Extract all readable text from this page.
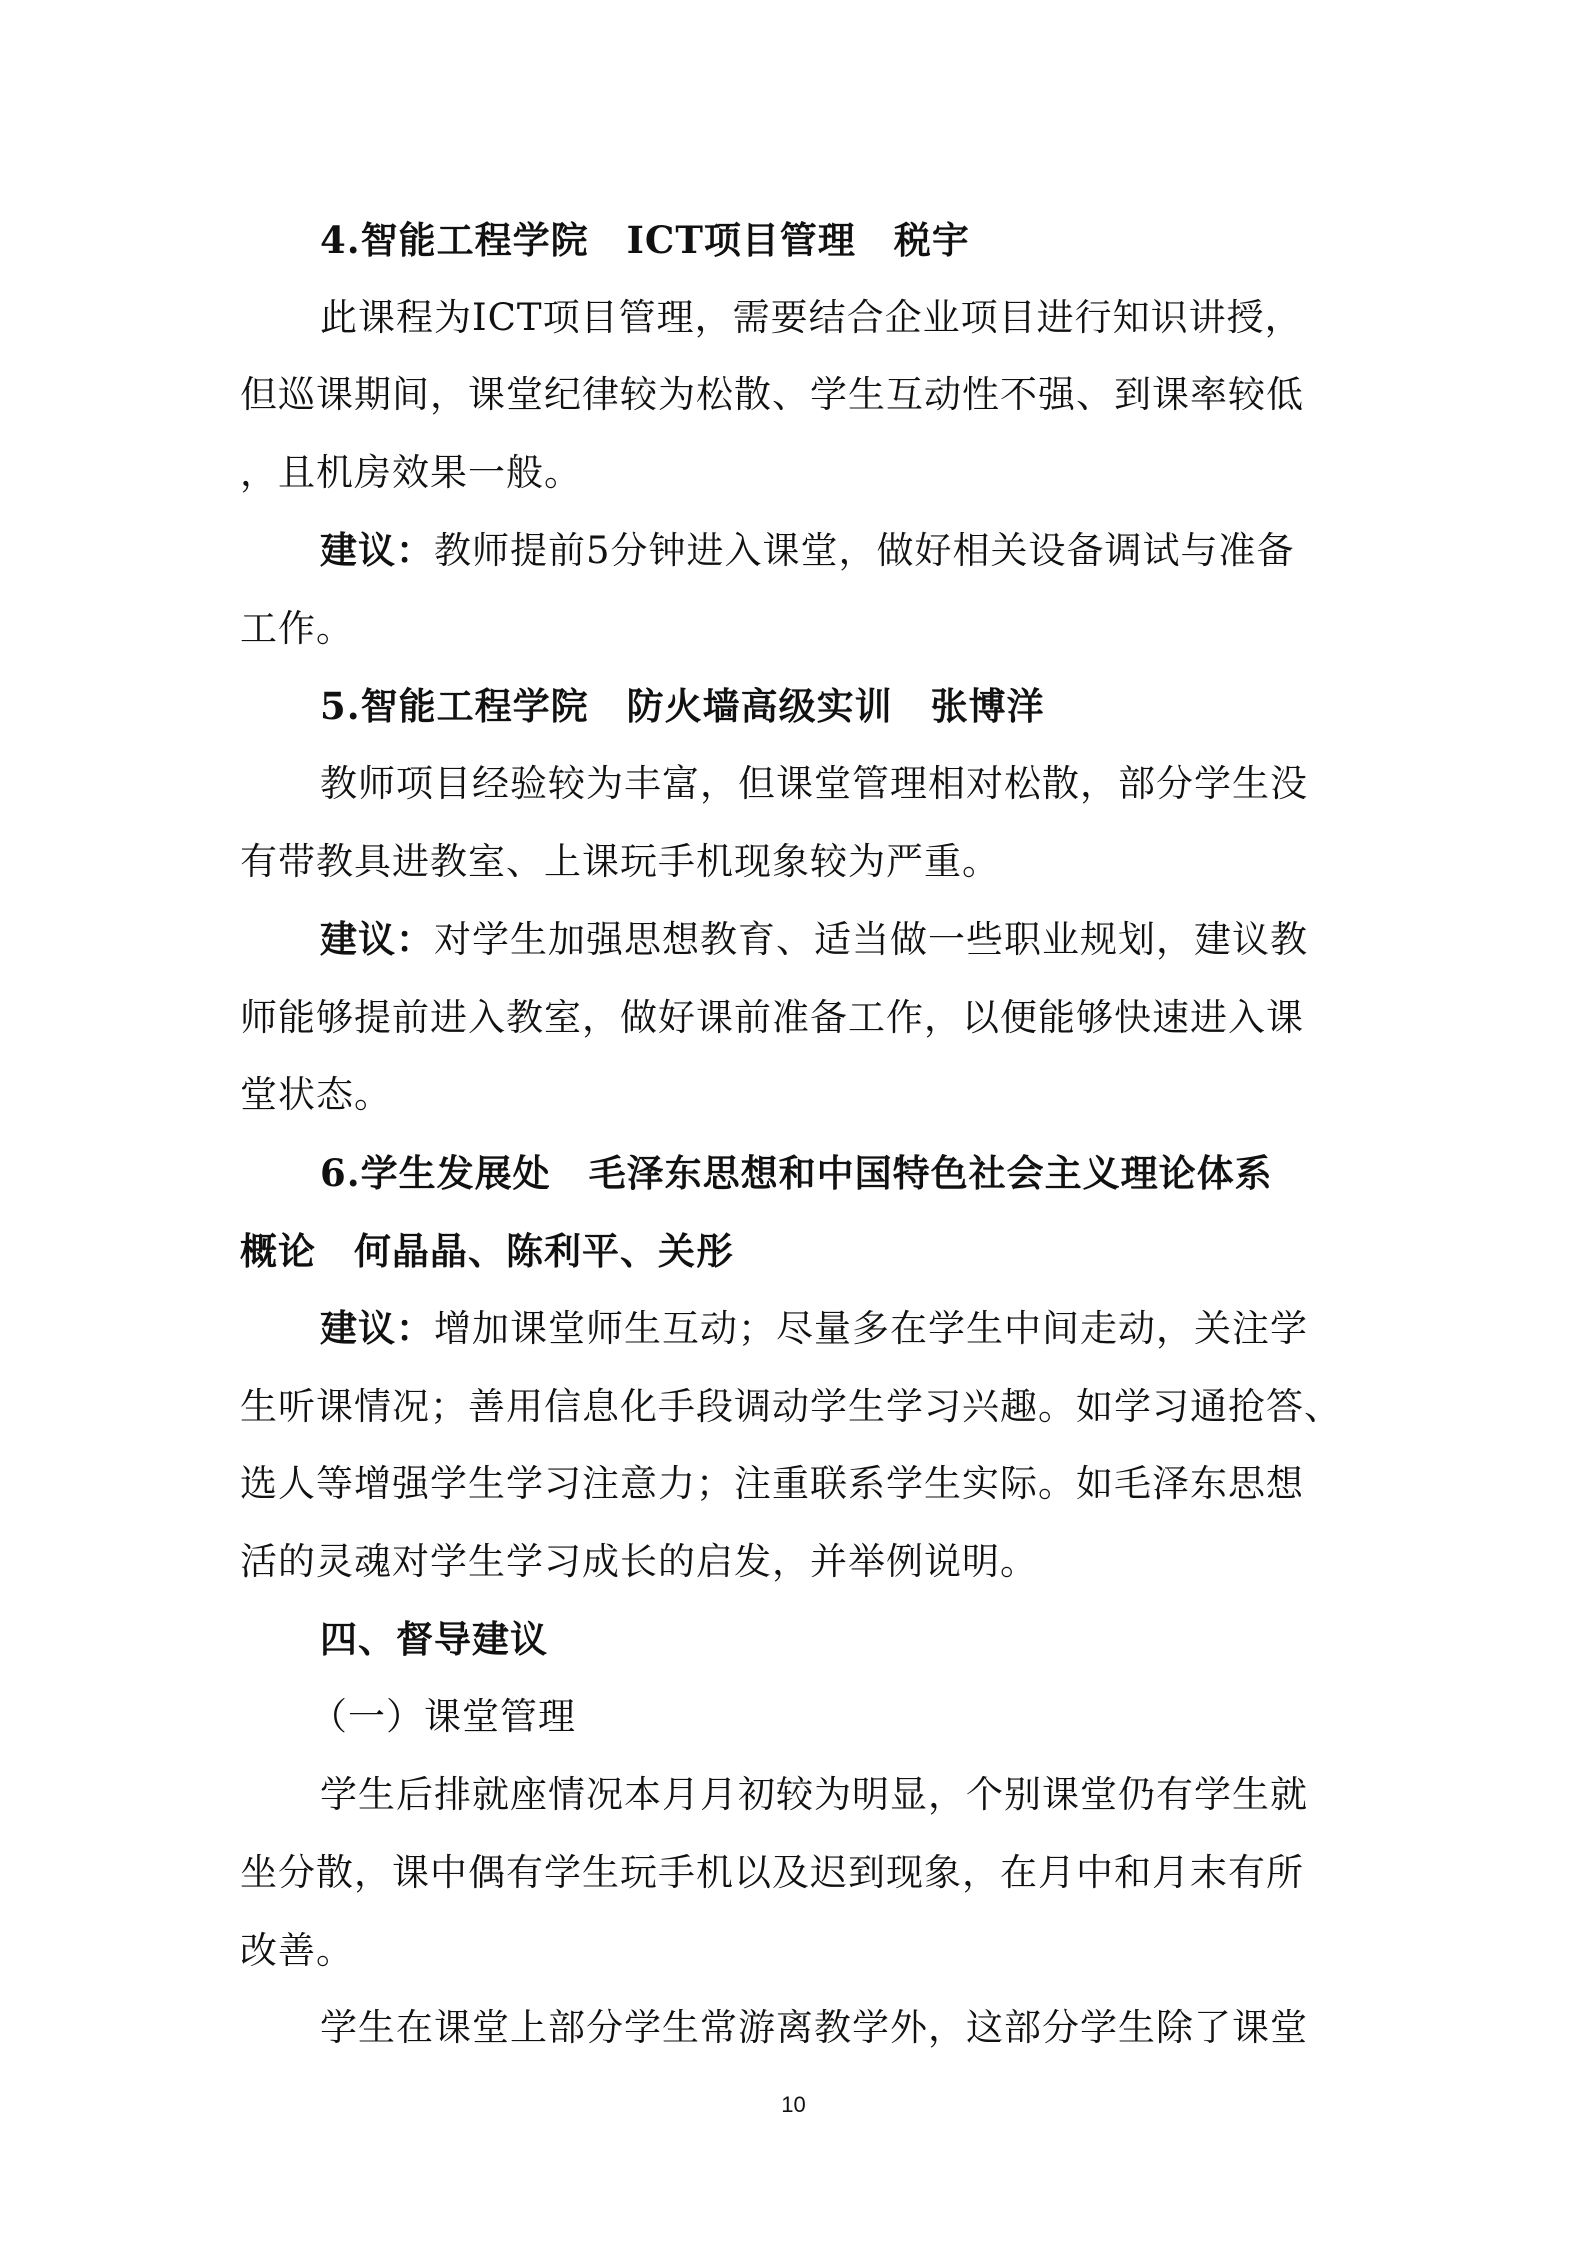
4.智能工程学院　ICT项目管理　税宇
此课程为ICT项目管理，需要结合企业项目进行知识讲授，
但巡课期间，课堂纪律较为松散、学生互动性不强、到课率较低
，且机房效果一般。
建议：教师提前5分钟进入课堂，做好相关设备调试与准备
工作。
5.智能工程学院　防火墙高级实训　张博洋
教师项目经验较为丰富，但课堂管理相对松散，部分学生没
有带教具进教室、上课玩手机现象较为严重。
建议：对学生加强思想教育、适当做一些职业规划，建议教
师能够提前进入教室，做好课前准备工作，以便能够快速进入课
堂状态。
6.学生发展处　毛泽东思想和中国特色社会主义理论体系
概论　何晶晶、陈利平、关彤
建议：增加课堂师生互动；尽量多在学生中间走动，关注学
生听课情况；善用信息化手段调动学生学习兴趣。如学习通抢答、
选人等增强学生学习注意力；注重联系学生实际。如毛泽东思想
活的灵魂对学生学习成长的启发，并举例说明。
四、督导建议
（一）课堂管理
学生后排就座情况本月月初较为明显，个别课堂仍有学生就
坐分散，课中偶有学生玩手机以及迟到现象，在月中和月末有所
改善。
学生在课堂上部分学生常游离教学外，这部分学生除了课堂
10
